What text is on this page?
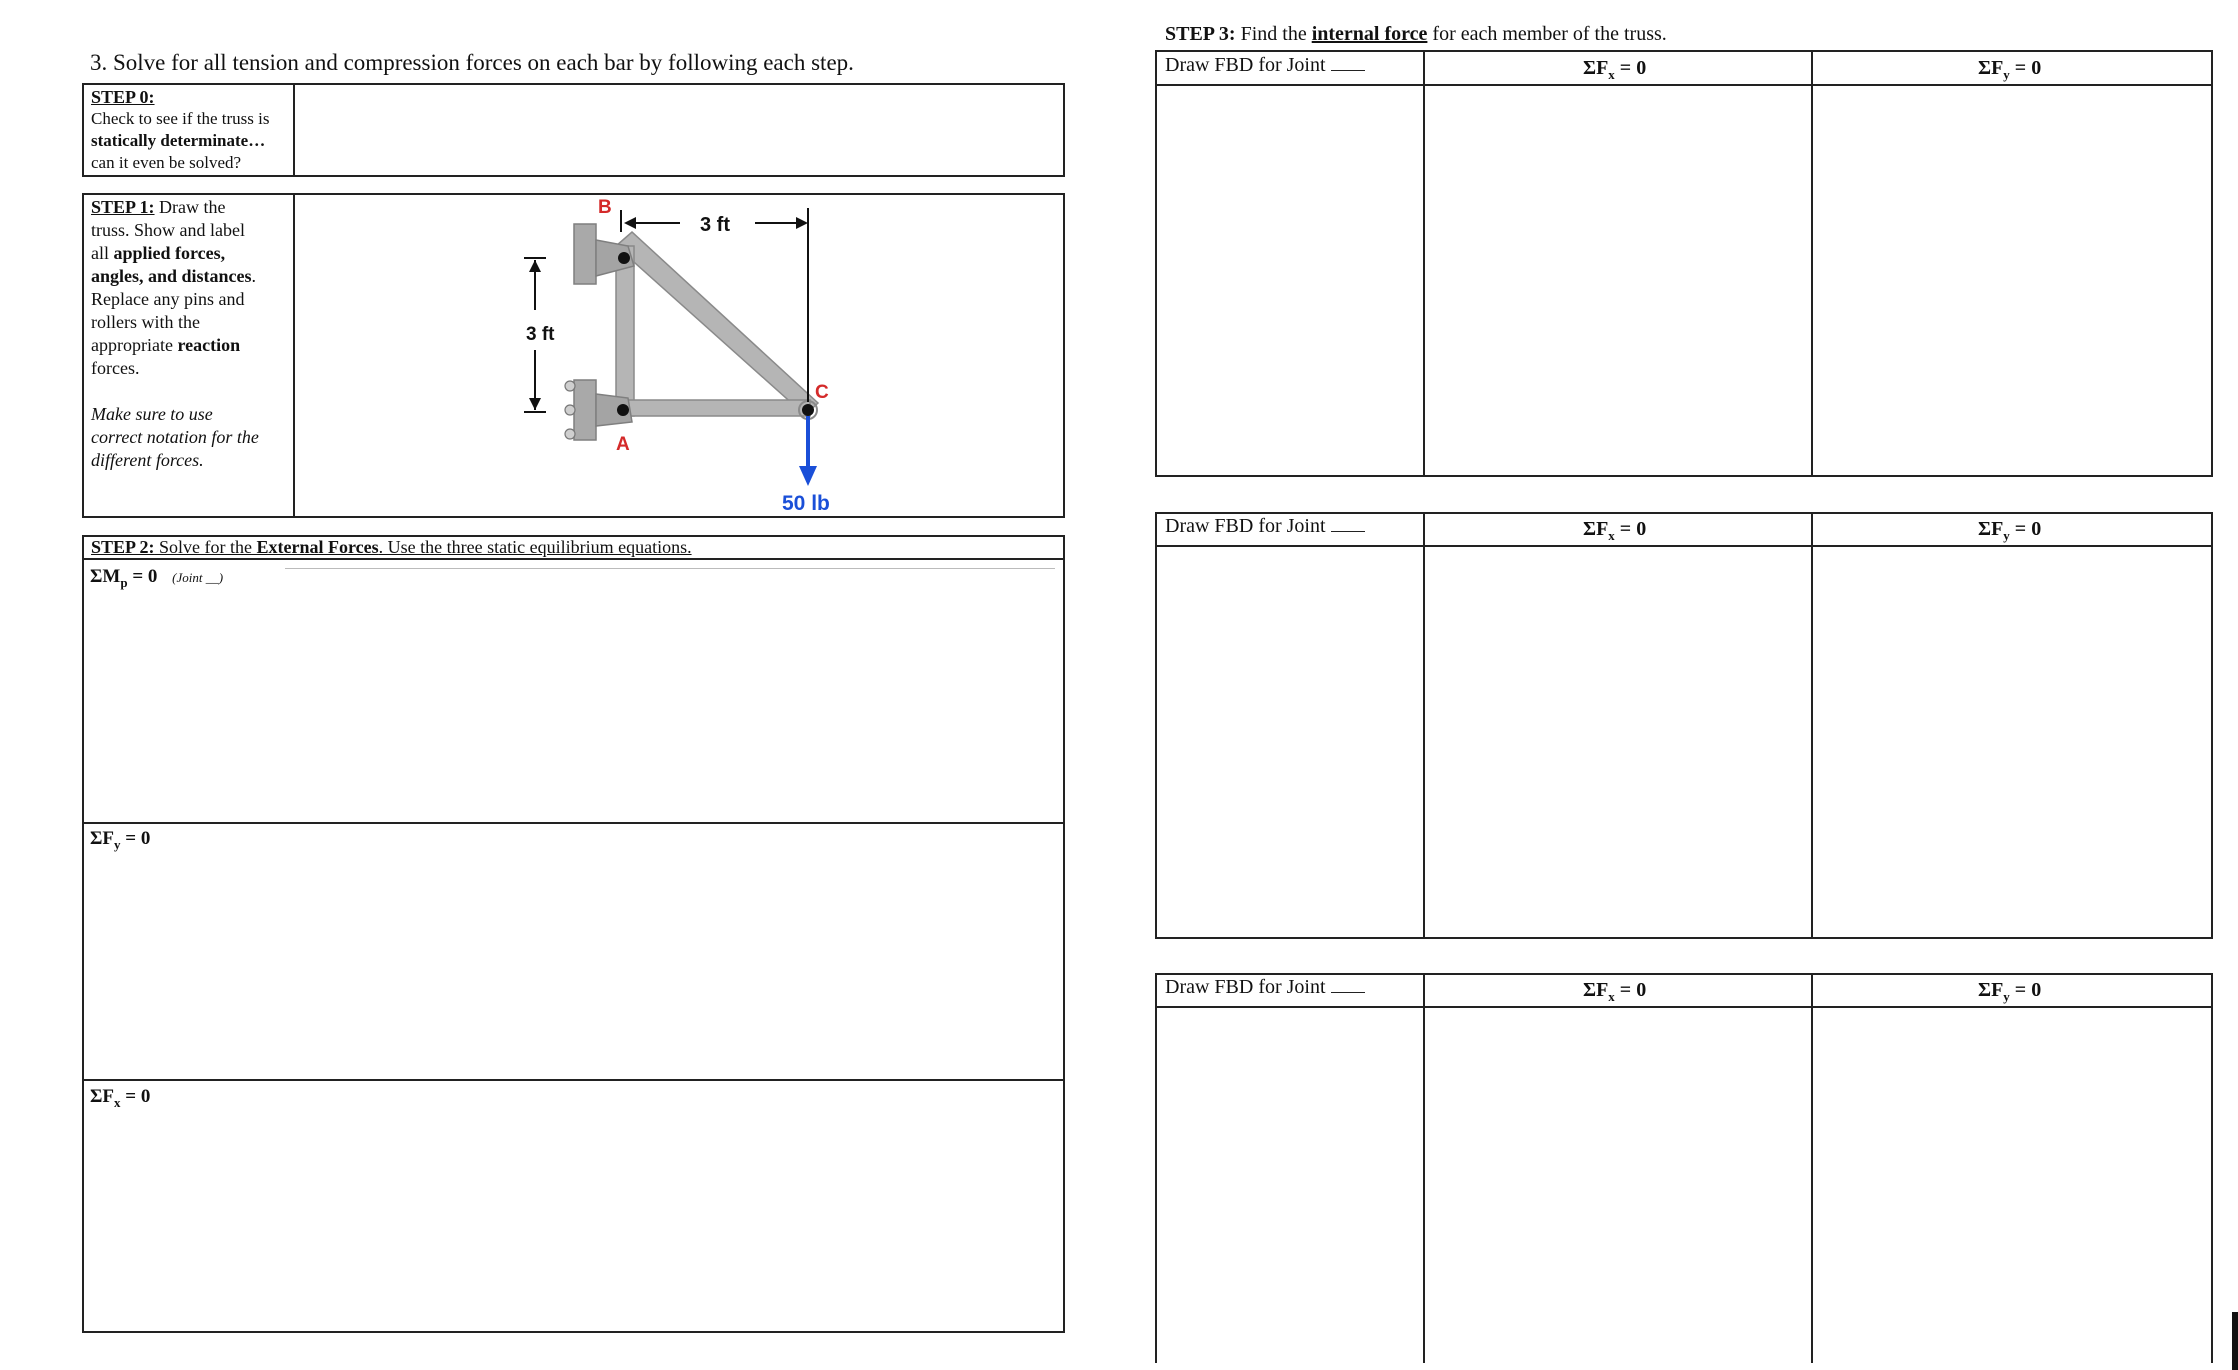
3. Solve for all tension and compression forces on each bar by following each step.
STEP 0:
Check to see if the truss is
statically determinate…
can it even be solved?
STEP 1: Draw the
truss. Show and label
all applied forces,
angles, and distances.
Replace any pins and
rollers with the
appropriate reaction
forces.
Make sure to use
correct notation for the
different forces.
B
A
C
3 ft
3 ft
50 lb
STEP 2: Solve for the External Forces. Use the three static equilibrium equations.
$\Sigma M_p = 0$ (Joint __)
$\Sigma F_y = 0$
$\Sigma F_x = 0$
STEP 3: Find the internal force for each member of the truss.
Draw FBD for Joint	$\Sigma F_x = 0$	$\Sigma F_y = 0$
Draw FBD for Joint	$\Sigma F_x = 0$	$\Sigma F_y = 0$
Draw FBD for Joint	$\Sigma F_x = 0$	$\Sigma F_y = 0$
